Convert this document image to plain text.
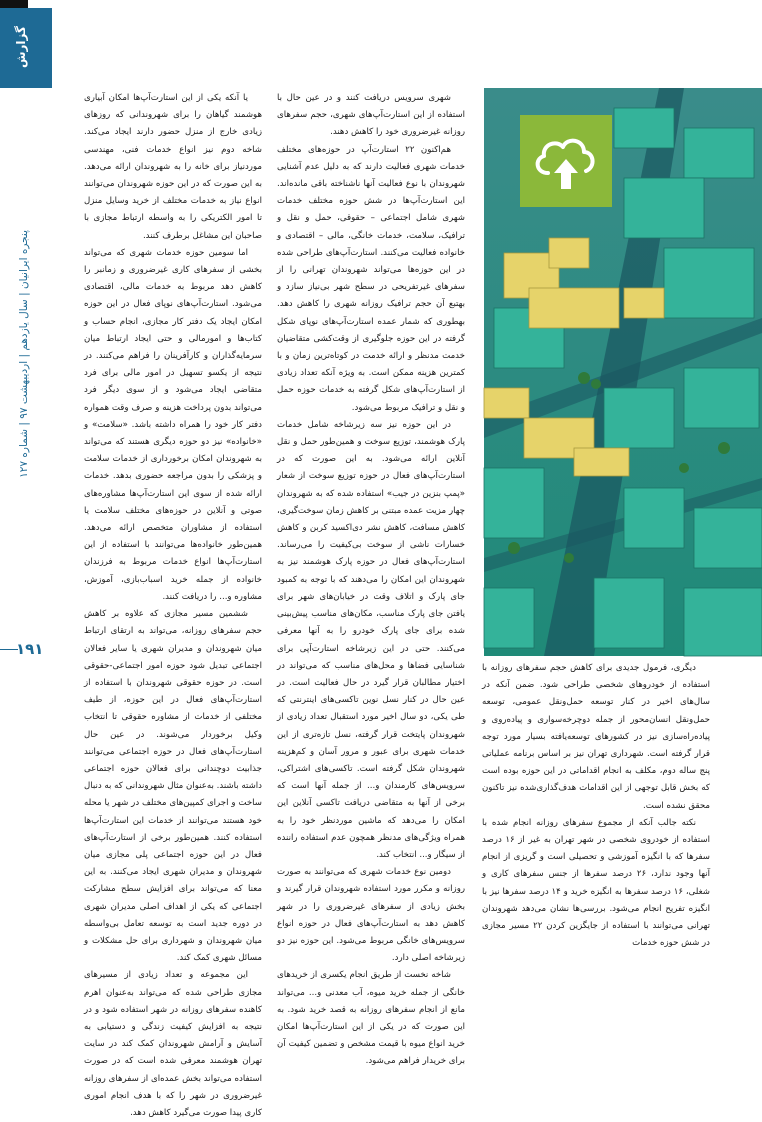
گزارش
پنجره ایرانیان | سال یازدهم | اردیبهشت ۹۷ | شماره ۱۲۷
۱۹۱

یا آنکه یکی از این استارت‌آپ‌ها امکان آبیاری هوشمند گیاهان را برای شهروندانی که روزهای زیادی خارج از منزل حضور دارند ایجاد می‌کند. شاخه دوم نیز انواع خدمات فنی، مهندسی موردنیاز برای خانه را به شهروندان ارائه می‌دهد. به این صورت که در این حوزه شهروندان می‌توانند انواع نیاز به خدمات مختلف از خرید وسایل منزل تا امور الکتریکی را به واسطه ارتباط مجازی با صاحبان این مشاغل برطرف کنند.

اما سومین حوزه خدمات شهری که می‌تواند بخشی از سفرهای کاری غیرضروری و زمانبر را کاهش دهد مربوط به خدمات مالی، اقتصادی می‌شود. استارت‌آپ‌های نوپای فعال در این حوزه امکان ایجاد یک دفتر کار مجازی، انجام حساب و کتاب‌ها و امورمالی و حتی ایجاد ارتباط میان سرمایه‌گذاران و کارآفرینان را فراهم می‌کنند. در نتیجه از یکسو تسهیل در امور مالی برای فرد متقاضی ایجاد می‌شود و از سوی دیگر فرد می‌تواند بدون پرداخت هزینه و صرف وقت همواره دفتر کار خود را همراه داشته باشد. «سلامت» و «خانواده» نیز دو حوزه دیگری هستند که می‌تواند به شهروندان امکان برخورداری از خدمات سلامت و پزشکی را بدون مراجعه حضوری بدهد. خدمات ارائه شده از سوی این استارت‌آپ‌ها مشاوره‌های صوتی و آنلاین در حوزه‌های مختلف سلامت یا استفاده از مشاوران متخصص ارائه می‌دهد. همین‌طور خانواده‌ها می‌توانند با استفاده از این استارت‌آپ‌ها انواع خدمات مربوط به فرزندان خانواده از جمله خرید اسباب‌بازی، آموزش، مشاوره و... را دریافت کنند.

ششمین مسیر مجازی که علاوه بر کاهش حجم سفرهای روزانه، می‌تواند به ارتقای ارتباط میان شهروندان و مدیران شهری یا سایر فعالان اجتماعی تبدیل شود حوزه امور اجتماعی-حقوقی است. در حوزه حقوقی شهروندان با استفاده از استارت‌آپ‌های فعال در این حوزه، از طیف مختلفی از خدمات از مشاوره حقوقی تا انتخاب وکیل برخوردار می‌شوند. در عین حال استارت‌آپ‌های فعال در حوزه اجتماعی می‌توانند جذابیت دوچندانی برای فعالان حوزه اجتماعی داشته باشند. به‌عنوان مثال شهروندانی که به دنبال ساخت و اجرای کمپین‌های مختلف در شهر یا محله خود هستند می‌توانند از خدمات این استارت‌آپ‌ها استفاده کنند. همین‌طور برخی از استارت‌آپ‌های فعال در این حوزه اجتماعی پلی مجازی میان شهروندان و مدیران شهری ایجاد می‌کنند. به این معنا که می‌تواند برای افزایش سطح مشارکت اجتماعی که یکی از اهداف اصلی مدیران شهری در دوره جدید است به توسعه تعامل بی‌واسطه میان شهروندان و شهرداری برای حل مشکلات و مسائل شهری کمک کند.

این مجموعه و تعداد زیادی از مسیرهای مجازی طراحی شده که می‌تواند به‌عنوان اهرم کاهنده سفرهای روزانه در شهر استفاده شود و در نتیجه به افزایش کیفیت زندگی و دستیابی به آسایش و آرامش شهروندان کمک کند در سایت تهران هوشمند معرفی شده است که در صورت استفاده می‌تواند بخش عمده‌ای از سفرهای روزانه غیرضروری در شهر را که با هدف انجام اموری کاری پیدا صورت می‌گیرد کاهش دهد.

شهری سرویس دریافت کنند و در عین حال با استفاده از این استارت‌آپ‌های شهری، حجم سفرهای روزانه غیرضروری خود را کاهش دهند.

هم‌اکنون ۲۲ استارت‌آپ در حوزه‌های مختلف خدمات شهری فعالیت دارند که به دلیل عدم آشنایی شهروندان با نوع فعالیت آنها ناشناخته باقی مانده‌اند. این استارت‌آپ‌ها در شش حوزه مختلف خدمات شهری شامل اجتماعی – حقوقی، حمل و نقل و ترافیک، سلامت، خدمات خانگی، مالی – اقتصادی و خانواده فعالیت می‌کنند. استارت‌آپ‌های طراحی شده در این حوزه‌ها می‌تواند شهروندان تهرانی را از سفرهای غیرتفریحی در سطح شهر بی‌نیاز سازد و بهتبع آن حجم ترافیک روزانه شهری را کاهش دهد. بهطوری که شمار عمده استارت‌آپ‌های نوپای شکل گرفته در این حوزه جلوگیری از وقت‌کشی متقاضیان خدمت مدنظر و ارائه خدمت در کوتاه‌ترین زمان و با کمترین هزینه ممکن است. به ویژه آنکه تعداد زیادی از استارت‌آپ‌های شکل گرفته به خدمات حوزه حمل و نقل و ترافیک مربوط می‌شود.

در این حوزه نیز سه زیرشاخه شامل خدمات پارک هوشمند، توزیع سوخت و همین‌طور حمل و نقل آنلاین ارائه می‌شود. به این صورت که در استارت‌آپ‌های فعال در حوزه توزیع سوخت از شعار «پمپ بنزین در جیب» استفاده شده که به شهروندان چهار مزیت عمده مبتنی بر کاهش زمان سوخت‌گیری، کاهش مسافت، کاهش نشر دی‌اکسید کربن و کاهش خسارات ناشی از سوخت بی‌کیفیت را می‌رساند. استارت‌آپ‌های فعال در حوزه پارک هوشمند نیز به شهروندان این امکان را می‌دهند که با توجه به کمبود جای پارک و اتلاف وقت در خیابان‌های شهر برای یافتن جای پارک مناسب، مکان‌های مناسب پیش‌بینی شده برای جای پارک خودرو را به آنها معرفی می‌کنند. حتی در این زیرشاخه استارت‌آپی برای شناسایی فضاها و محل‌های مناسب که می‌تواند در اختیار مطالبان قرار گیرد در حال فعالیت است. در عین حال در کنار نسل نوین تاکسی‌های اینترنتی که طی یکی، دو سال اخیر مورد استقبال تعداد زیادی از شهروندان پایتخت قرار گرفته، نسل تازه‌تری از این خدمات شهری برای عبور و مرور آسان و کم‌هزینه شهروندان شکل گرفته است. تاکسی‌های اشتراکی، سرویس‌های کارمندان و... از جمله آنها است که برخی از آنها به متقاضی دریافت تاکسی آنلاین این امکان را می‌دهد که ماشین موردنظر خود را به همراه ویژگی‌های مدنظر همچون عدم استفاده راننده از سیگار و... انتخاب کند.

دومین نوع خدمات شهری که می‌توانند به صورت روزانه و مکرر مورد استفاده شهروندان قرار گیرند و بخش زیادی از سفرهای غیرضروری را در شهر کاهش دهد به استارت‌آپ‌های فعال در حوزه انواع سرویس‌های خانگی مربوط می‌شود. این حوزه نیز دو زیرشاخه اصلی دارد.

شاخه نخست از طریق انجام یکسری از خریدهای خانگی از جمله خرید میوه، آب معدنی و... می‌تواند مانع از انجام سفرهای روزانه به قصد خرید شود. به این صورت که در یکی از این استارت‌آپ‌ها امکان خرید انواع میوه با قیمت مشخص و تضمین کیفیت آن برای خریدار فراهم می‌شود.

دیگری، فرمول جدیدی برای کاهش حجم سفرهای روزانه با استفاده از خودروهای شخصی طراحی شود. ضمن آنکه در سال‌های اخیر در کنار توسعه حمل‌ونقل عمومی، توسعه حمل‌ونقل انسان‌محور از جمله دوچرخه‌سواری و پیاده‌روی و پیاده‌راه‌سازی نیز در کشورهای توسعه‌یافته بسیار مورد توجه قرار گرفته است. شهرداری تهران نیز بر اساس برنامه عملیاتی پنج ساله دوم، مکلف به انجام اقداماتی در این حوزه بوده است که بخش قابل توجهی از این اقدامات هدف‌گذاری‌شده نیز تاکنون محقق نشده است.

نکته جالب آنکه از مجموع سفرهای روزانه انجام شده با استفاده از خودروی شخصی در شهر تهران به غیر از ۱۶ درصد سفرها که با انگیزه آموزشی و تحصیلی است و گریزی از انجام آنها وجود ندارد، ۲۶ درصد سفرها از جنس سفرهای کاری و شغلی، ۱۶ درصد سفرها به انگیزه خرید و ۱۴ درصد سفرها نیز با انگیزه تفریح انجام می‌شود. بررسی‌ها نشان می‌دهد شهروندان تهرانی می‌توانند با استفاده از جایگزین کردن ۲۲ مسیر مجازی در شش حوزه خدمات
